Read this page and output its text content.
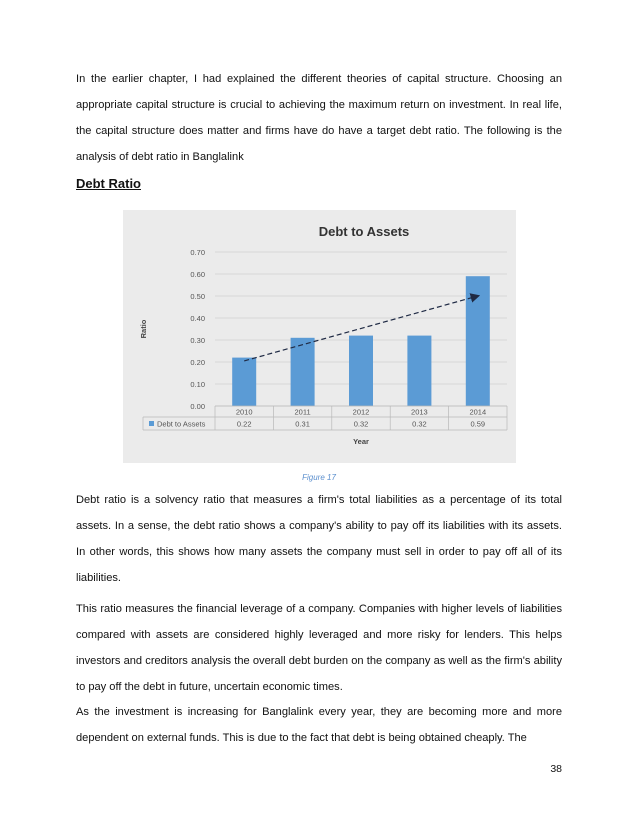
In the earlier chapter, I had explained the different theories of capital structure. Choosing an appropriate capital structure is crucial to achieving the maximum return on investment. In real life, the capital structure does matter and firms have do have a target debt ratio. The following is the analysis of debt ratio in Banglalink

Debt Ratio
Debt to Assets
0.00
0.10
0.20
0.30
0.40
0.50
0.60
0.70
Ratio
2010
0.22
2011
0.31
2012
0.32
2013
0.32
2014
0.59
Debt to Assets
Year
Figure 17

Debt ratio is a solvency ratio that measures a firm's total liabilities as a percentage of its total assets. In a sense, the debt ratio shows a company's ability to pay off its liabilities with its assets. In other words, this shows how many assets the company must sell in order to pay off all of its liabilities.

This ratio measures the financial leverage of a company. Companies with higher levels of liabilities compared with assets are considered highly leveraged and more risky for lenders. This helps investors and creditors analysis the overall debt burden on the company as well as the firm's ability to pay off the debt in future, uncertain economic times.

As the investment is increasing for Banglalink every year, they are becoming more and more dependent on external funds. This is due to the fact that debt is being obtained cheaply. The

38
